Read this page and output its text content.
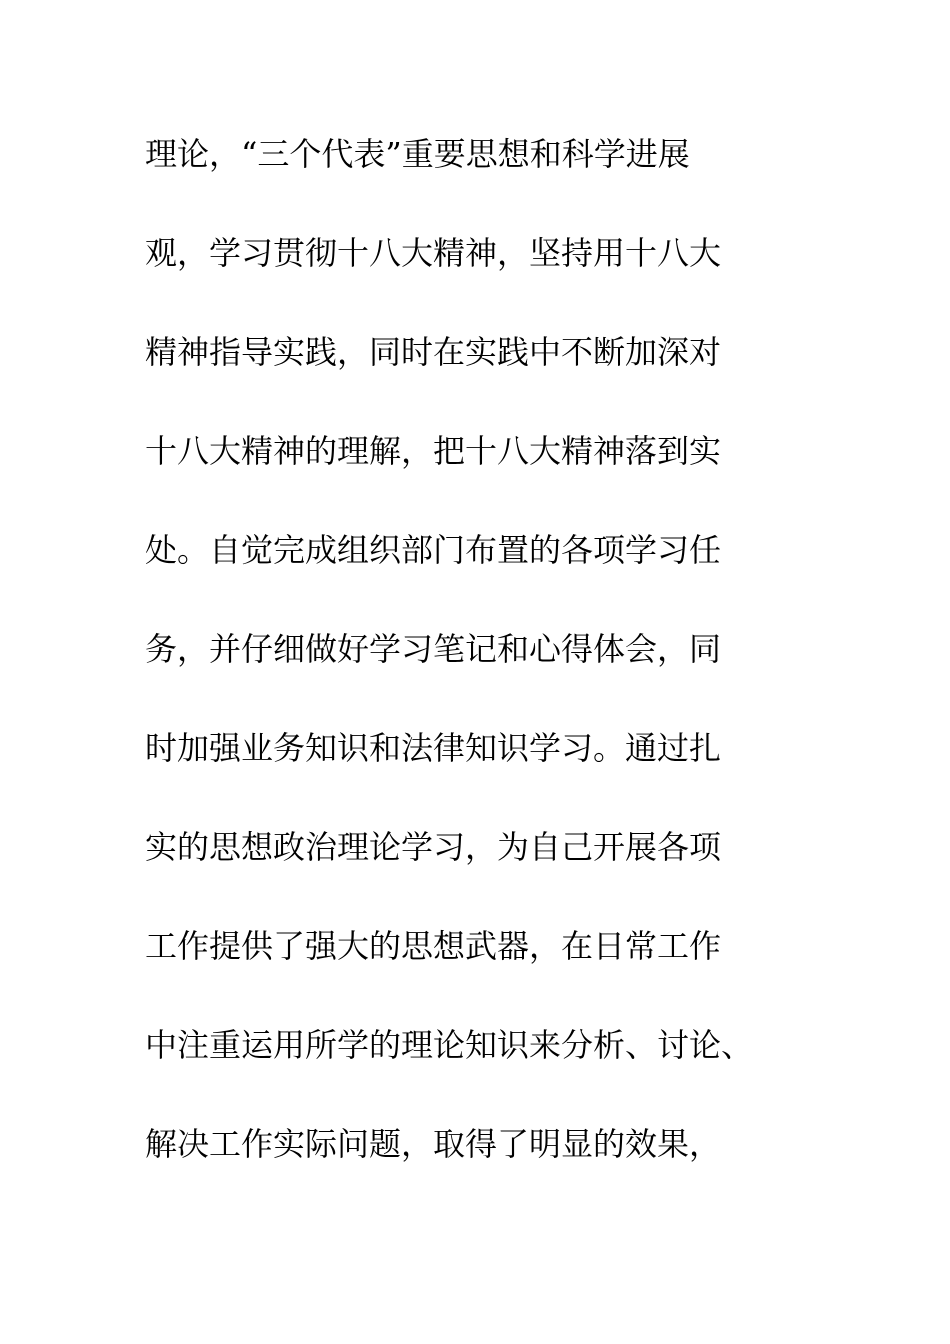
理论，“三个代表”重要思想和科学进展
观，学习贯彻十八大精神，坚持用十八大
精神指导实践，同时在实践中不断加深对
十八大精神的理解，把十八大精神落到实
处。自觉完成组织部门布置的各项学习任
务，并仔细做好学习笔记和心得体会，同
时加强业务知识和法律知识学习。通过扎
实的思想政治理论学习，为自己开展各项
工作提供了强大的思想武器，在日常工作
中注重运用所学的理论知识来分析、讨论、
解决工作实际问题，取得了明显的效果，
